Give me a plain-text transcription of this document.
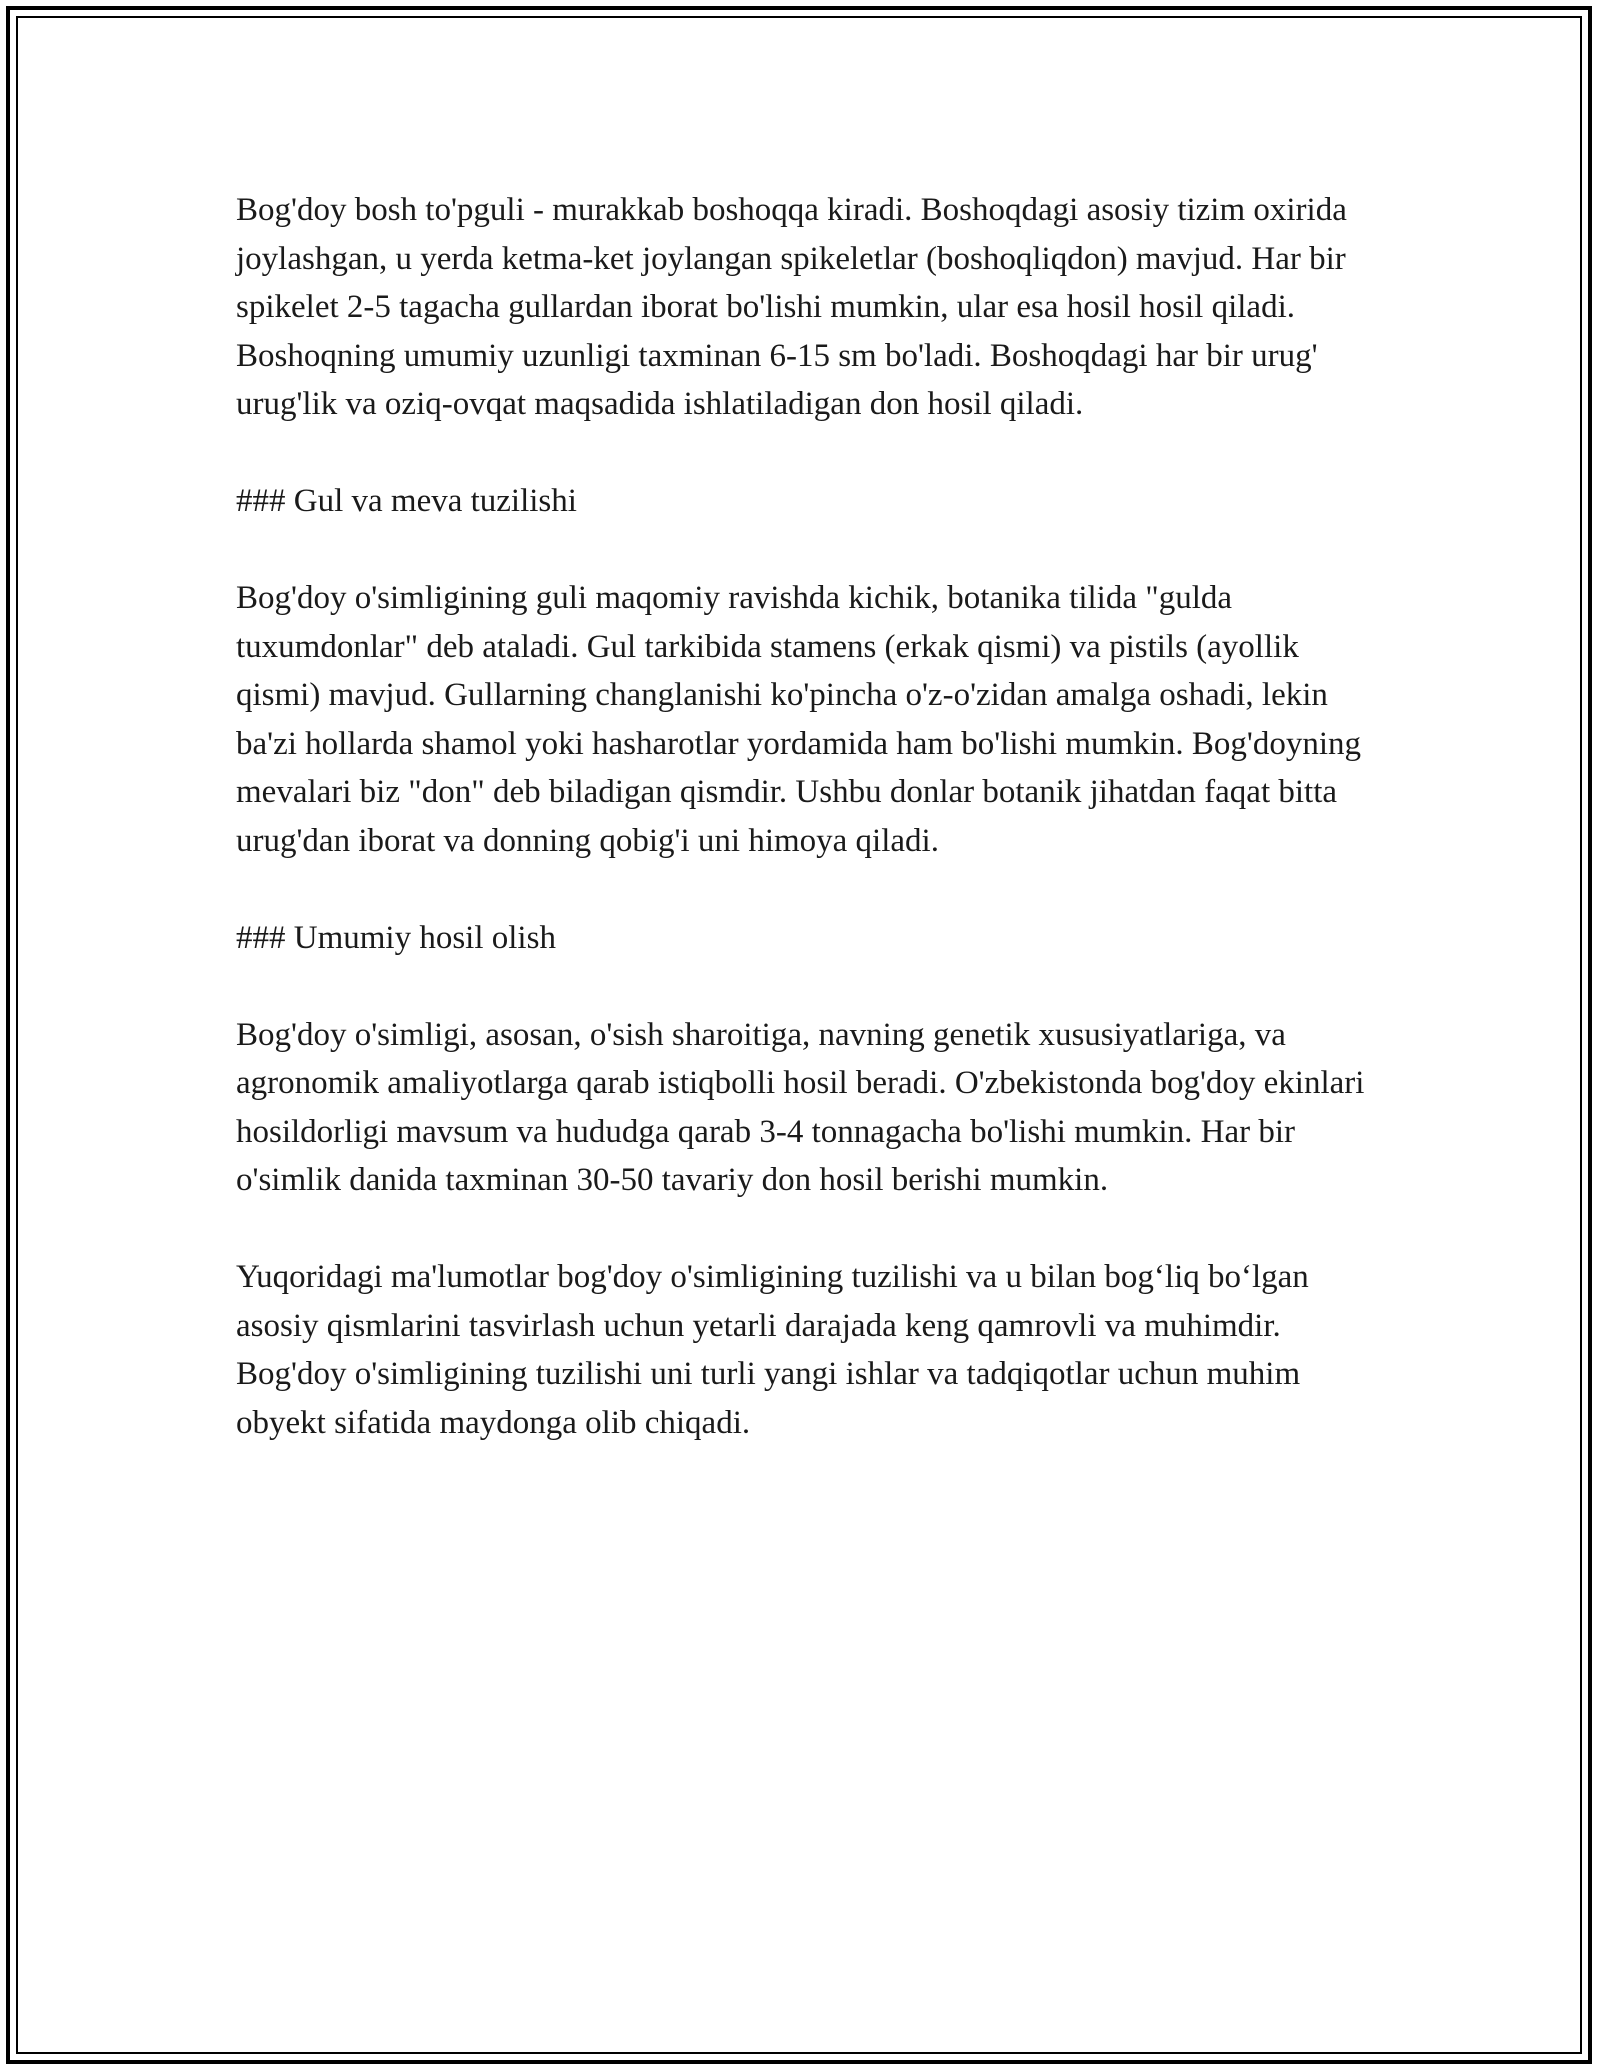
Bog'doy bosh to'pguli - murakkab boshoqqa kiradi. Boshoqdagi asosiy tizim oxirida joylashgan, u yerda ketma-ket joylangan spikeletlar (boshoqliqdon) mavjud. Har bir spikelet 2-5 tagacha gullardan iborat bo'lishi mumkin, ular esa hosil hosil qiladi. Boshoqning umumiy uzunligi taxminan 6-15 sm bo'ladi. Boshoqdagi har bir urug' urug'lik va oziq-ovqat maqsadida ishlatiladigan don hosil qiladi.

### Gul va meva tuzilishi

Bog'doy o'simligining guli maqomiy ravishda kichik, botanika tilida "gulda tuxumdonlar" deb ataladi. Gul tarkibida stamens (erkak qismi) va pistils (ayollik qismi) mavjud. Gullarning changlanishi ko'pincha o'z-o'zidan amalga oshadi, lekin ba'zi hollarda shamol yoki hasharotlar yordamida ham bo'lishi mumkin. Bog'doyning mevalari biz "don" deb biladigan qismdir. Ushbu donlar botanik jihatdan faqat bitta urug'dan iborat va donning qobig'i uni himoya qiladi.

### Umumiy hosil olish

Bog'doy o'simligi, asosan, o'sish sharoitiga, navning genetik xususiyatlariga, va agronomik amaliyotlarga qarab istiqbolli hosil beradi. O'zbekistonda bog'doy ekinlari hosildorligi mavsum va hududga qarab 3-4 tonnagacha bo'lishi mumkin. Har bir o'simlik danida taxminan 30-50 tavariy don hosil berishi mumkin.

Yuqoridagi ma'lumotlar bog'doy o'simligining tuzilishi va u bilan bog‘liq bo‘lgan asosiy qismlarini tasvirlash uchun yetarli darajada keng qamrovli va muhimdir. Bog'doy o'simligining tuzilishi uni turli yangi ishlar va tadqiqotlar uchun muhim obyekt sifatida maydonga olib chiqadi.
